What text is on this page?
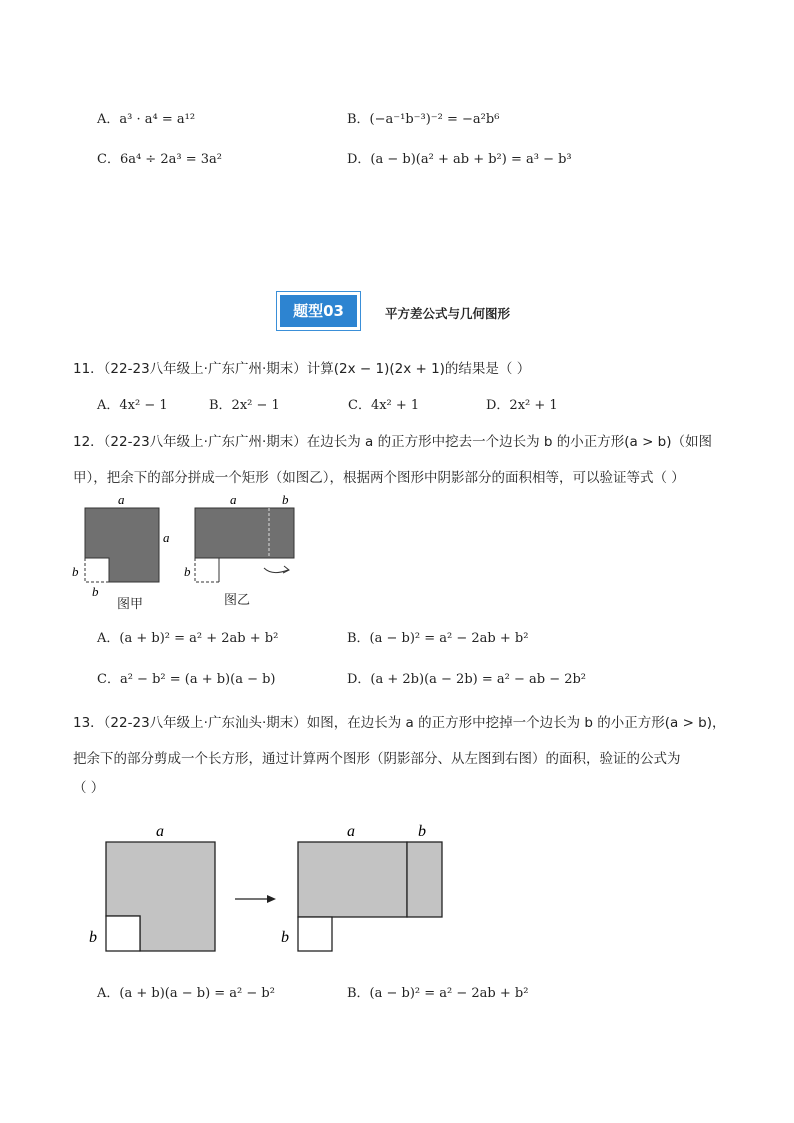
A．a³ · a⁴ = a¹²	B．(−a⁻¹b⁻³)⁻² = −a²b⁶
C．6a⁴ ÷ 2a³ = 3a²	D．(a − b)(a² + ab + b²) = a³ − b³
题型03	平方差公式与几何图形
11．（22-23八年级上·广东广州·期末）计算(2x − 1)(2x + 1)的结果是（ ）
A．4x² − 1	B．2x² − 1	C．4x² + 1	D．2x² + 1
12．（22-23八年级上·广东广州·期末）在边长为 a 的正方形中挖去一个边长为 b 的小正方形(a > b)（如图
甲），把余下的部分拼成一个矩形（如图乙），根据两个图形中阴影部分的面积相等，可以验证等式（ ）
a
a
b
b
图甲
a	b
b
图乙
A．(a + b)² = a² + 2ab + b²	B．(a − b)² = a² − 2ab + b²
C．a² − b² = (a + b)(a − b)	D．(a + 2b)(a − 2b) = a² − ab − 2b²
13．（22-23八年级上·广东汕头·期末）如图，在边长为 a 的正方形中挖掉一个边长为 b 的小正方形(a > b)，
把余下的部分剪成一个长方形，通过计算两个图形（阴影部分、从左图到右图）的面积，验证的公式为
（ ）
a
b
a	b
b
A．(a + b)(a − b) = a² − b²	B．(a − b)² = a² − 2ab + b²
